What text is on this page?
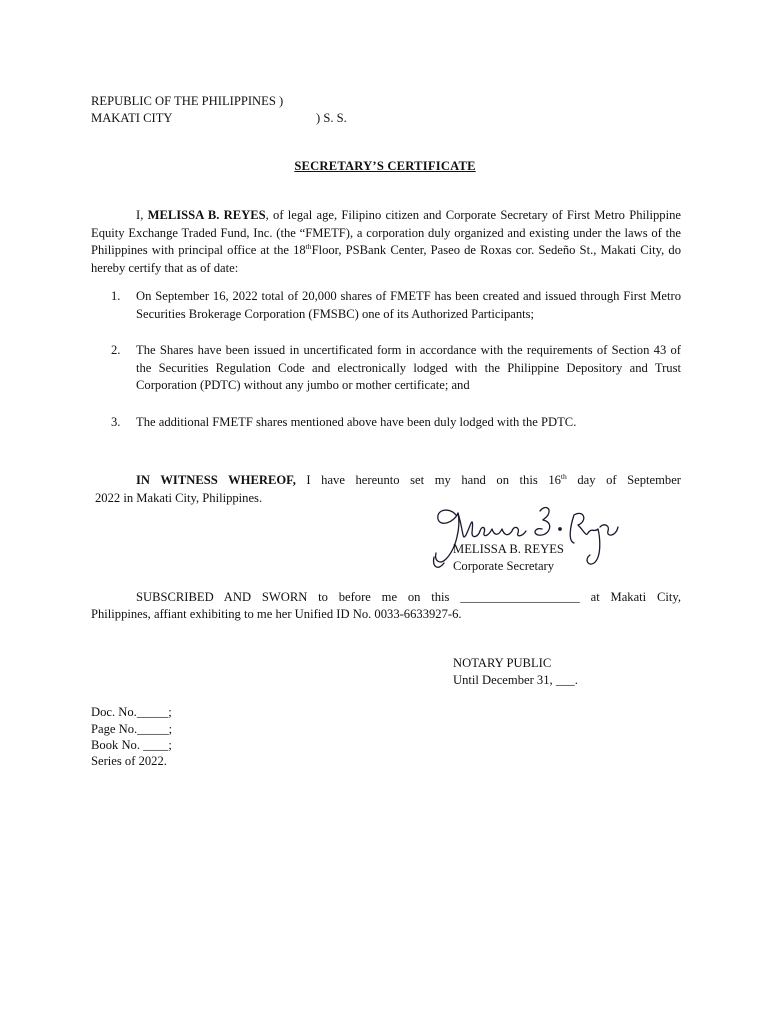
REPUBLIC OF THE PHILIPPINES )
MAKATI CITY	) S. S.
SECRETARY’S CERTIFICATE
I, MELISSA B. REYES, of legal age, Filipino citizen and Corporate Secretary of First Metro Philippine Equity Exchange Traded Fund, Inc. (the “FMETF), a corporation duly organized and existing under the laws of the Philippines with principal office at the 18thFloor, PSBank Center, Paseo de Roxas cor. Sedeño St., Makati City, do hereby certify that as of date:
1. On September 16, 2022 total of 20,000 shares of FMETF has been created and issued through First Metro Securities Brokerage Corporation (FMSBC) one of its Authorized Participants;
2. The Shares have been issued in uncertificated form in accordance with the requirements of Section 43 of the Securities Regulation Code and electronically lodged with the Philippine Depository and Trust Corporation (PDTC) without any jumbo or mother certificate; and
3. The additional FMETF shares mentioned above have been duly lodged with the PDTC.
IN WITNESS WHEREOF, I have hereunto set my hand on this 16th day of September
2022 in Makati City, Philippines.
MELISSA B. REYES
Corporate Secretary
SUBSCRIBED AND SWORN to before me on this ___________________ at Makati City,
Philippines, affiant exhibiting to me her Unified ID No. 0033-6633927-6.
NOTARY PUBLIC
Until December 31, ___.
Doc. No._____;
Page No._____;
Book No. ____;
Series of 2022.
